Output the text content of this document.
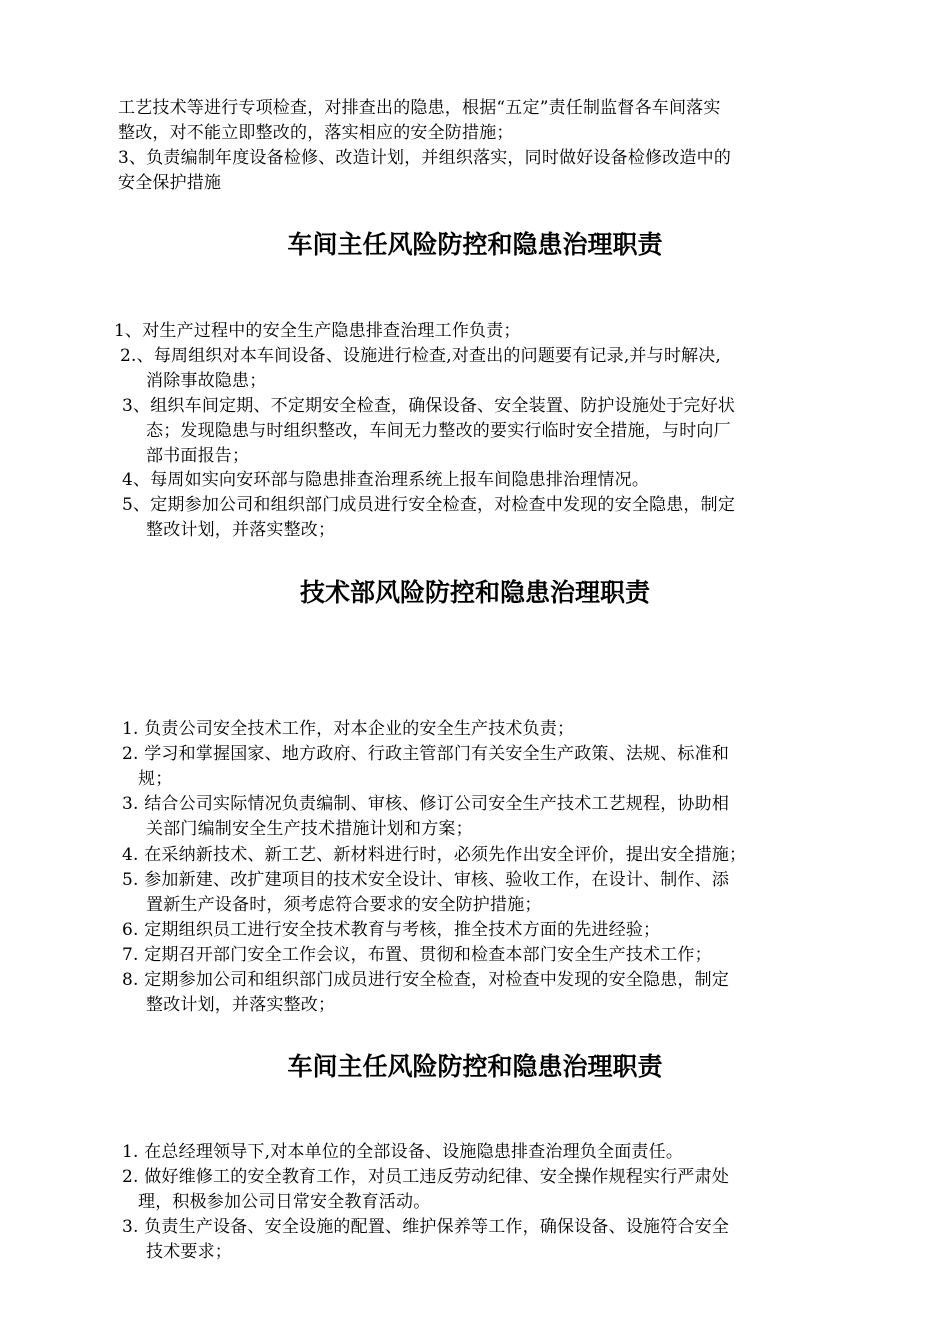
工艺技术等进行专项检查，对排查出的隐患，根据“五定”责任制监督各车间落实
整改，对不能立即整改的，落实相应的安全防措施；
3、负责编制年度设备检修、改造计划，并组织落实，同时做好设备检修改造中的
安全保护措施
车间主任风险防控和隐患治理职责
1、对生产过程中的安全生产隐患排查治理工作负责；
2.、每周组织对本车间设备、设施进行检查,对查出的问题要有记录,并与时解决,
消除事故隐患；
3、组织车间定期、不定期安全检查，确保设备、安全装置、防护设施处于完好状
态；发现隐患与时组织整改，车间无力整改的要实行临时安全措施，与时向厂
部书面报告；
4、每周如实向安环部与隐患排查治理系统上报车间隐患排治理情况。
5、定期参加公司和组织部门成员进行安全检查，对检查中发现的安全隐患，制定
整改计划，并落实整改；
技术部风险防控和隐患治理职责
1. 负责公司安全技术工作，对本企业的安全生产技术负责；
2. 学习和掌握国家、地方政府、行政主管部门有关安全生产政策、法规、标准和
规；
3. 结合公司实际情况负责编制、审核、修订公司安全生产技术工艺规程，协助相
关部门编制安全生产技术措施计划和方案；
4. 在采纳新技术、新工艺、新材料进行时，必须先作出安全评价，提出安全措施；
5. 参加新建、改扩建项目的技术安全设计、审核、验收工作，在设计、制作、添
置新生产设备时，须考虑符合要求的安全防护措施；
6. 定期组织员工进行安全技术教育与考核，推全技术方面的先进经验；
7. 定期召开部门安全工作会议，布置、贯彻和检查本部门安全生产技术工作；
8. 定期参加公司和组织部门成员进行安全检查，对检查中发现的安全隐患，制定
整改计划，并落实整改；
车间主任风险防控和隐患治理职责
1. 在总经理领导下,对本单位的全部设备、设施隐患排查治理负全面责任。
2. 做好维修工的安全教育工作，对员工违反劳动纪律、安全操作规程实行严肃处
理，积极参加公司日常安全教育活动。
3. 负责生产设备、安全设施的配置、维护保养等工作，确保设备、设施符合安全
技术要求；
